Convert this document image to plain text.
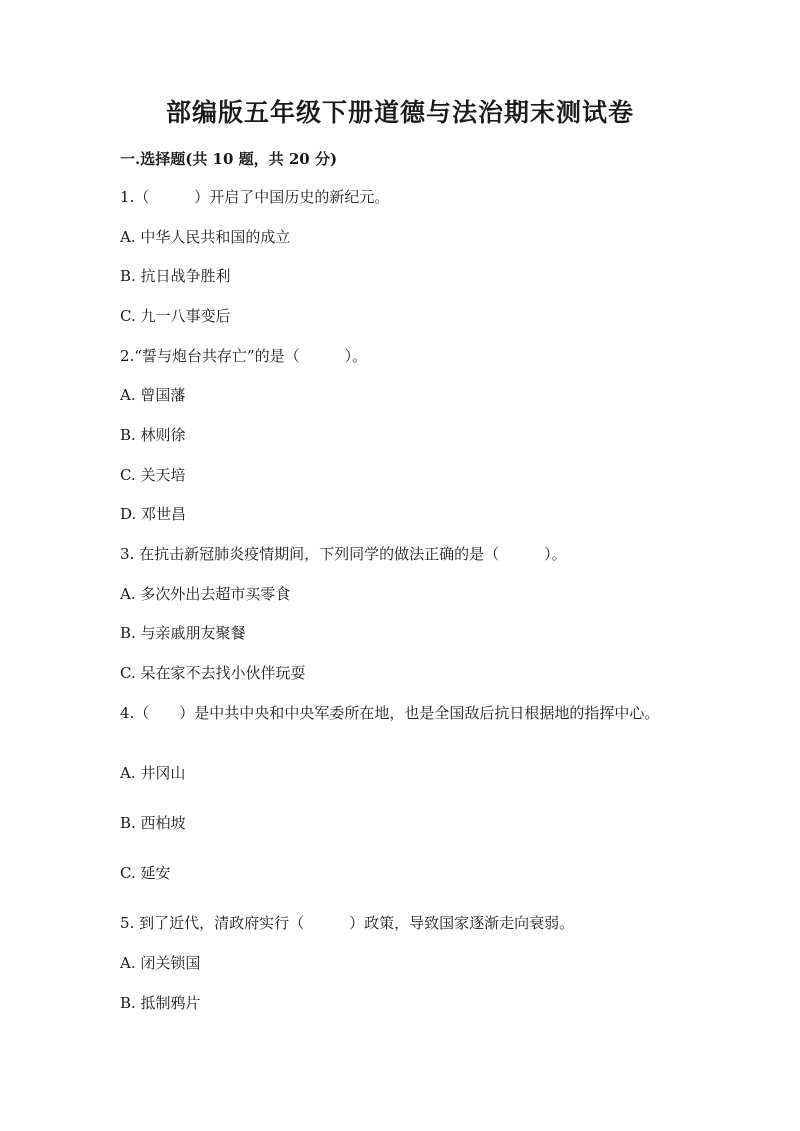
部编版五年级下册道德与法治期末测试卷
一.选择题(共 10 题，共 20 分)
1.（　　　）开启了中国历史的新纪元。
A. 中华人民共和国的成立
B. 抗日战争胜利
C. 九一八事变后
2.“誓与炮台共存亡”的是（　　　）。
A. 曾国藩
B. 林则徐
C. 关天培
D. 邓世昌
3. 在抗击新冠肺炎疫情期间，下列同学的做法正确的是（　　　）。
A. 多次外出去超市买零食
B. 与亲戚朋友聚餐
C. 呆在家不去找小伙伴玩耍
4.（　　）是中共中央和中央军委所在地，也是全国敌后抗日根据地的指挥中心。
A. 井冈山
B. 西柏坡
C. 延安
5. 到了近代，清政府实行（　　　）政策，导致国家逐渐走向衰弱。
A. 闭关锁国
B. 抵制鸦片
